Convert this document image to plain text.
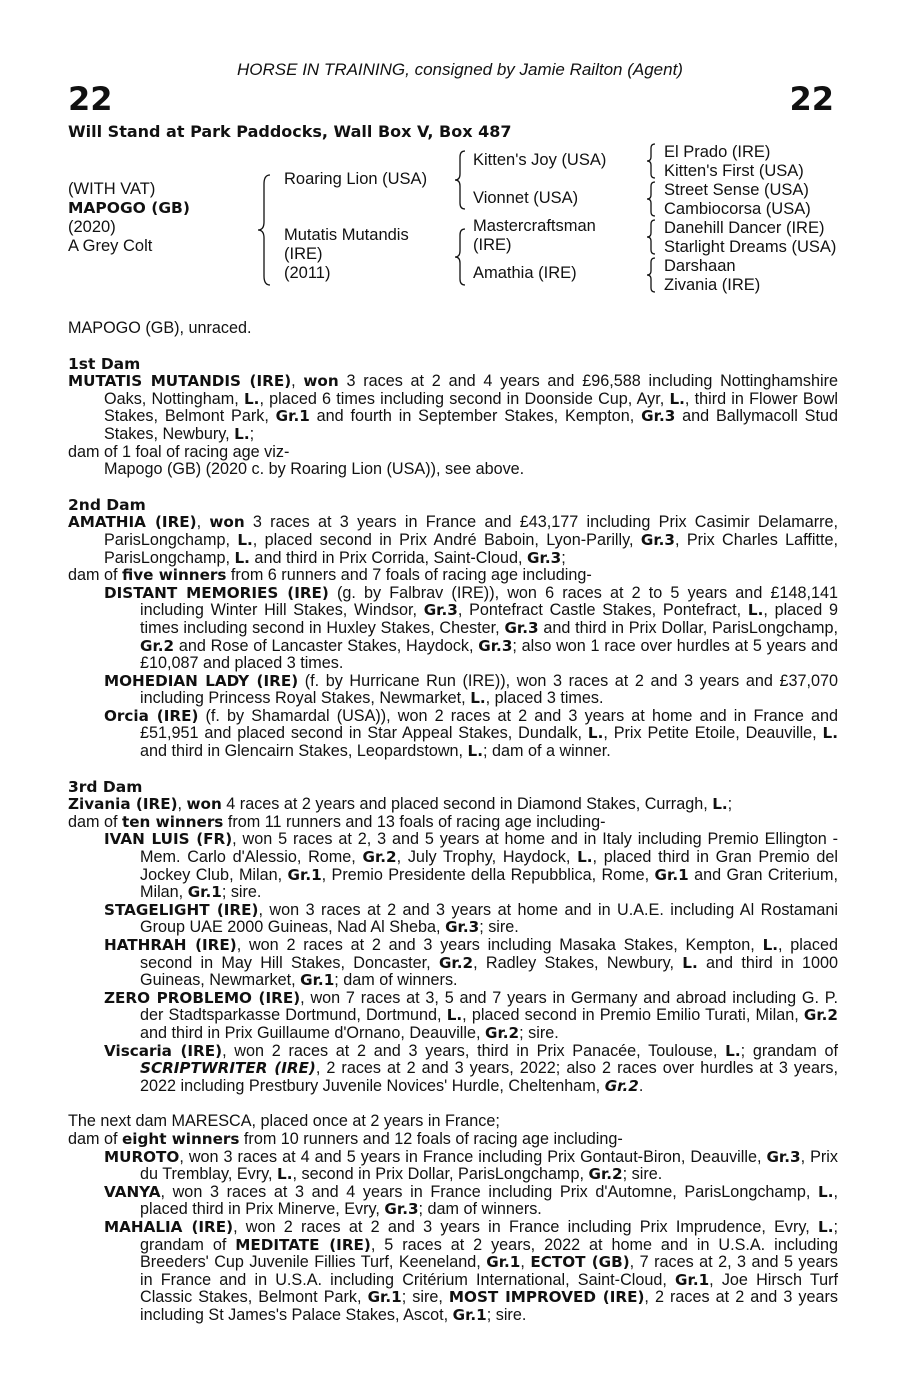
HORSE IN TRAINING, consigned by Jamie Railton (Agent)
22	22
Will Stand at Park Paddocks, Wall Box V, Box 487
(WITH VAT)
MAPOGO (GB)
(2020)
A Grey Colt
Roaring Lion (USA)
Mutatis Mutandis
(IRE)
(2011)
Kitten's Joy (USA)
Vionnet (USA)
Mastercraftsman
(IRE)
Amathia (IRE)
El Prado (IRE)
Kitten's First (USA)
Street Sense (USA)
Cambiocorsa (USA)
Danehill Dancer (IRE)
Starlight Dreams (USA)
Darshaan
Zivania (IRE)

MAPOGO (GB), unraced.

1st Dam

MUTATIS MUTANDIS (IRE), won 3 races at 2 and 4 years and £96,588 including Nottinghamshire Oaks, Nottingham, L., placed 6 times including second in Doonside Cup, Ayr, L., third in Flower Bowl Stakes, Belmont Park, Gr.1 and fourth in September Stakes, Kempton, Gr.3 and Ballymacoll Stud Stakes, Newbury, L.;

dam of 1 foal of racing age viz-

Mapogo (GB) (2020 c. by Roaring Lion (USA)), see above.

2nd Dam

AMATHIA (IRE), won 3 races at 3 years in France and £43,177 including Prix Casimir Delamarre, ParisLongchamp, L., placed second in Prix André Baboin, Lyon-Parilly, Gr.3, Prix Charles Laffitte, ParisLongchamp, L. and third in Prix Corrida, Saint-Cloud, Gr.3;

dam of five winners from 6 runners and 7 foals of racing age including-

DISTANT MEMORIES (IRE) (g. by Falbrav (IRE)), won 6 races at 2 to 5 years and £148,141 including Winter Hill Stakes, Windsor, Gr.3, Pontefract Castle Stakes, Pontefract, L., placed 9 times including second in Huxley Stakes, Chester, Gr.3 and third in Prix Dollar, ParisLongchamp, Gr.2 and Rose of Lancaster Stakes, Haydock, Gr.3; also won 1 race over hurdles at 5 years and £10,087 and placed 3 times.

MOHEDIAN LADY (IRE) (f. by Hurricane Run (IRE)), won 3 races at 2 and 3 years and £37,070 including Princess Royal Stakes, Newmarket, L., placed 3 times.

Orcia (IRE) (f. by Shamardal (USA)), won 2 races at 2 and 3 years at home and in France and £51,951 and placed second in Star Appeal Stakes, Dundalk, L., Prix Petite Etoile, Deauville, L. and third in Glencairn Stakes, Leopardstown, L.; dam of a winner.

3rd Dam

Zivania (IRE), won 4 races at 2 years and placed second in Diamond Stakes, Curragh, L.;

dam of ten winners from 11 runners and 13 foals of racing age including-

IVAN LUIS (FR), won 5 races at 2, 3 and 5 years at home and in Italy including Premio Ellington - Mem. Carlo d'Alessio, Rome, Gr.2, July Trophy, Haydock, L., placed third in Gran Premio del Jockey Club, Milan, Gr.1, Premio Presidente della Repubblica, Rome, Gr.1 and Gran Criterium, Milan, Gr.1; sire.

STAGELIGHT (IRE), won 3 races at 2 and 3 years at home and in U.A.E. including Al Rostamani Group UAE 2000 Guineas, Nad Al Sheba, Gr.3; sire.

HATHRAH (IRE), won 2 races at 2 and 3 years including Masaka Stakes, Kempton, L., placed second in May Hill Stakes, Doncaster, Gr.2, Radley Stakes, Newbury, L. and third in 1000 Guineas, Newmarket, Gr.1; dam of winners.

ZERO PROBLEMO (IRE), won 7 races at 3, 5 and 7 years in Germany and abroad including G. P. der Stadtsparkasse Dortmund, Dortmund, L., placed second in Premio Emilio Turati, Milan, Gr.2 and third in Prix Guillaume d'Ornano, Deauville, Gr.2; sire.

Viscaria (IRE), won 2 races at 2 and 3 years, third in Prix Panacée, Toulouse, L.; grandam of SCRIPTWRITER (IRE), 2 races at 2 and 3 years, 2022; also 2 races over hurdles at 3 years, 2022 including Prestbury Juvenile Novices' Hurdle, Cheltenham, Gr.2.

The next dam MARESCA, placed once at 2 years in France;

dam of eight winners from 10 runners and 12 foals of racing age including-

MUROTO, won 3 races at 4 and 5 years in France including Prix Gontaut-Biron, Deauville, Gr.3, Prix du Tremblay, Evry, L., second in Prix Dollar, ParisLongchamp, Gr.2; sire.

VANYA, won 3 races at 3 and 4 years in France including Prix d'Automne, ParisLongchamp, L., placed third in Prix Minerve, Evry, Gr.3; dam of winners.

MAHALIA (IRE), won 2 races at 2 and 3 years in France including Prix Imprudence, Evry, L.; grandam of MEDITATE (IRE), 5 races at 2 years, 2022 at home and in U.S.A. including Breeders' Cup Juvenile Fillies Turf, Keeneland, Gr.1, ECTOT (GB), 7 races at 2, 3 and 5 years in France and in U.S.A. including Critérium International, Saint-Cloud, Gr.1, Joe Hirsch Turf Classic Stakes, Belmont Park, Gr.1; sire, MOST IMPROVED (IRE), 2 races at 2 and 3 years including St James's Palace Stakes, Ascot, Gr.1; sire.
